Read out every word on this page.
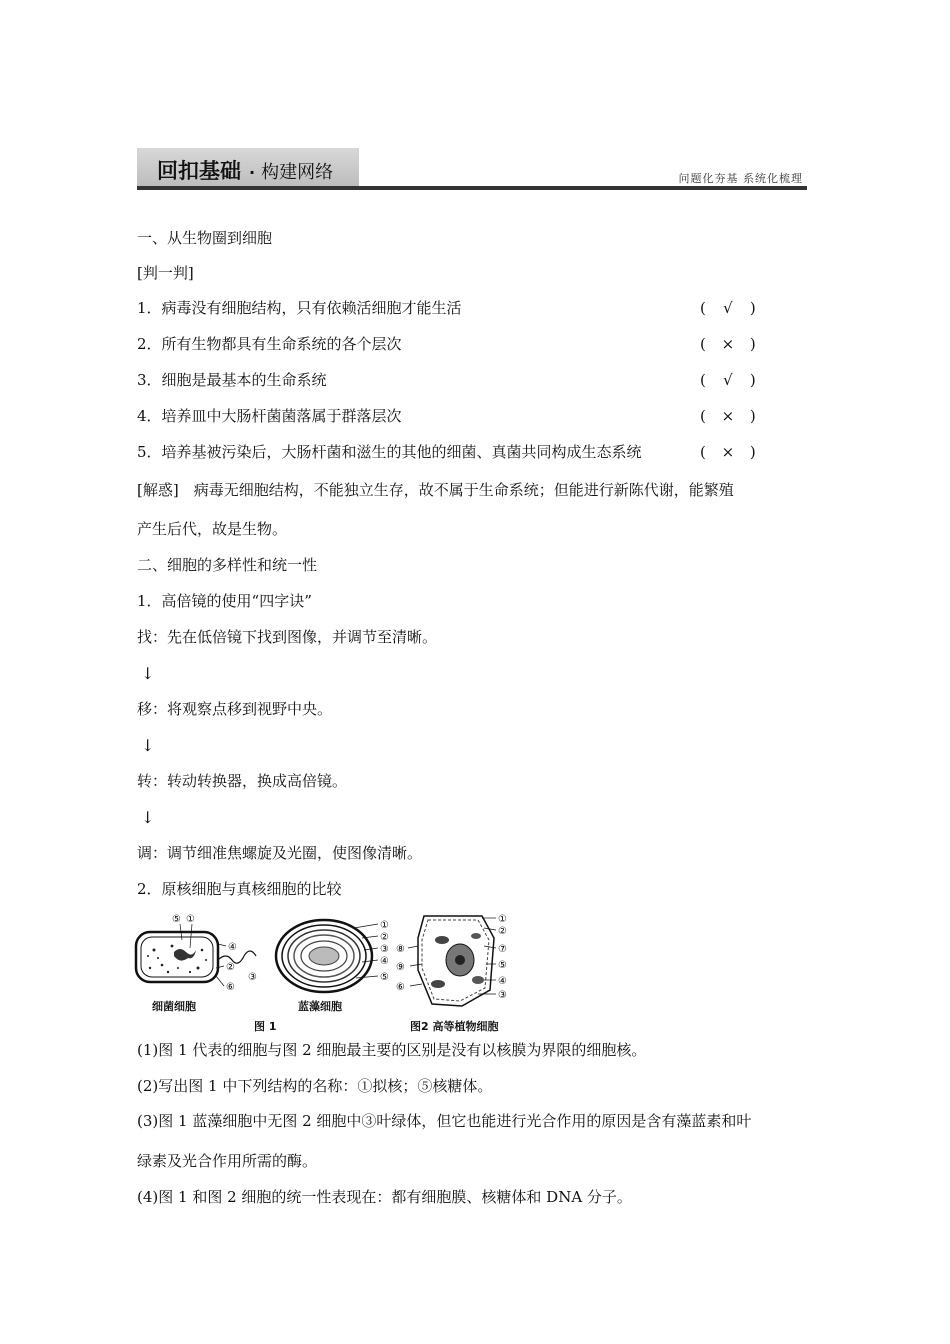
回扣基础 · 构建网络	问题化夯基 系统化梳理
一、从生物圈到细胞
[判一判]
1．病毒没有细胞结构，只有依赖活细胞才能生活	( √ )
2．所有生物都具有生命系统的各个层次	( × )
3．细胞是最基本的生命系统	( √ )
4．培养皿中大肠杆菌菌落属于群落层次	( × )
5．培养基被污染后，大肠杆菌和滋生的其他的细菌、真菌共同构成生态系统	( × )
[解惑]　病毒无细胞结构，不能独立生存，故不属于生命系统；但能进行新陈代谢，能繁殖
产生后代，故是生物。
二、细胞的多样性和统一性
1．高倍镜的使用“四字诀”
找：先在低倍镜下找到图像，并调节至清晰。
↓
移：将观察点移到视野中央。
↓
转：转动转换器，换成高倍镜。
↓
调：调节细准焦螺旋及光圈，使图像清晰。
2．原核细胞与真核细胞的比较
⑤ ①
④
②
③
⑥
①
②
③
④
⑤
①
②
⑧	⑦
⑨	⑤
⑥
④
③
细菌细胞	蓝藻细胞
图 1	图2 高等植物细胞
(1)图 1 代表的细胞与图 2 细胞最主要的区别是没有以核膜为界限的细胞核。
(2)写出图 1 中下列结构的名称：①拟核；⑤核糖体。
(3)图 1 蓝藻细胞中无图 2 细胞中③叶绿体，但它也能进行光合作用的原因是含有藻蓝素和叶
绿素及光合作用所需的酶。
(4)图 1 和图 2 细胞的统一性表现在：都有细胞膜、核糖体和 DNA 分子。
